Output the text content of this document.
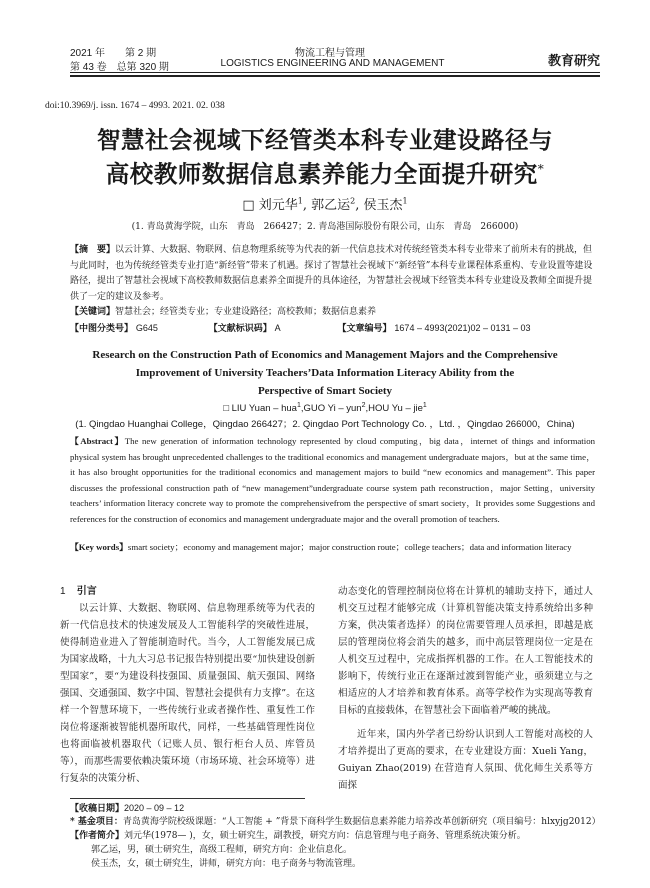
2021 年　　第 2 期
第 43 卷　总第 320 期
物流工程与管理
LOGISTICS ENGINEERING AND MANAGEMENT	教育研究
doi:10.3969/j. issn. 1674 – 4993. 2021. 02. 038
智慧社会视域下经管类本科专业建设路径与
高校教师数据信息素养能力全面提升研究*
□ 刘元华$^1$, 郭乙运$^2$, 侯玉杰$^1$
(1. 青岛黄海学院，山东　青岛　266427；2. 青岛港国际股份有限公司，山东　青岛　266000)
【摘　要】以云计算、大数据、物联网、信息物理系统等为代表的新一代信息技术对传统经管类本科专业带来了前所未有的挑战，但与此同时，也为传统经管类专业打造“新经管”带来了机遇。探讨了智慧社会视域下“新经管”本科专业课程体系重构、专业设置等建设路径，提出了智慧社会视域下高校教师数据信息素养全面提升的具体途径，为智慧社会视域下经管类本科专业建设及教师全面提升提供了一定的建议及参考。
【关键词】智慧社会；经管类专业；专业建设路径；高校教师；数据信息素养
【中图分类号】 G645	【文献标识码】 A	【文章编号】 1674 – 4993(2021)02 – 0131 – 03
Research on the Construction Path of Economics and Management Majors and the Comprehensive
Improvement of University Teachers’Data Information Literacy Ability from the
Perspective of Smart Society
□ LIU Yuan – hua$^1$,GUO Yi – yun$^2$,HOU Yu – jie$^1$
(1. Qingdao Huanghai College，Qingdao 266427；2. Qingdao Port Technology Co. ，Ltd. ，Qingdao 266000，China)
【Abstract】The new generation of information technology represented by cloud computing，big data，internet of things and information physical system has brought unprecedented challenges to the traditional economics and management undergraduate majors，but at the same time，it has also brought opportunities for the traditional economics and management majors to build “new economics and management”. This paper discusses the professional construction path of “new management”undergraduate course system path reconstruction，major Setting，university teachers’ information literacy concrete way to promote the comprehensivefrom the perspective of smart society，It provides some Suggestions and references for the construction of economics and management undergraduate major and the overall promotion of teachers.
【Key words】smart society；economy and management major；major construction route；college teachers；data and information literacy
1 引言
以云计算、大数据、物联网、信息物理系统等为代表的新一代信息技术的快速发展及人工智能科学的突破性进展，使得制造业进入了智能制造时代。当今，人工智能发展已成为国家战略，十九大习总书记报告特别提出要“加快建设创新型国家”，要“为建设科技强国、质量强国、航天强国、网络强国、交通强国、数字中国、智慧社会提供有力支撑”。在这样一个智慧环境下，一些传统行业或者操作性、重复性工作岗位将逐渐被智能机器所取代，同样，一些基础管理性岗位也将面临被机器取代（记账人员、银行柜台人员、库管员等），而那些需要依赖决策环境（市场环境、社会环境等）进行复杂的决策分析、
动态变化的管理控制岗位将在计算机的辅助支持下，通过人机交互过程才能够完成（计算机智能决策支持系统给出多种方案，供决策者选择）的岗位需要管理人员承担，即越是底层的管理岗位将会消失的越多，而中高层管理岗位一定是在人机交互过程中，完成指挥机器的工作。在人工智能技术的影响下，传统行业正在逐渐过渡到智能产业，亟须建立与之相适应的人才培养和教育体系。高等学校作为实现高等教育目标的直接载体，在智慧社会下面临着严峻的挑战。
近年来，国内外学者已纷纷认识到人工智能对高校的人才培养提出了更高的要求，在专业建设方面：Xueli Yang，Guiyan Zhao(2019) 在营造育人氛围、优化师生关系等方面探
【收稿日期】2020 – 09 – 12
* 基金项目：青岛黄海学院校级课题：“人工智能 + ”背景下商科学生数据信息素养能力培养改革创新研究（项目编号：hlxyjg2012）
【作者简介】刘元华(1978— )，女，硕士研究生，副教授，研究方向：信息管理与电子商务、管理系统决策分析。
郭乙运，男，硕士研究生，高级工程师，研究方向：企业信息化。
侯玉杰，女，硕士研究生，讲师，研究方向：电子商务与物流管理。
